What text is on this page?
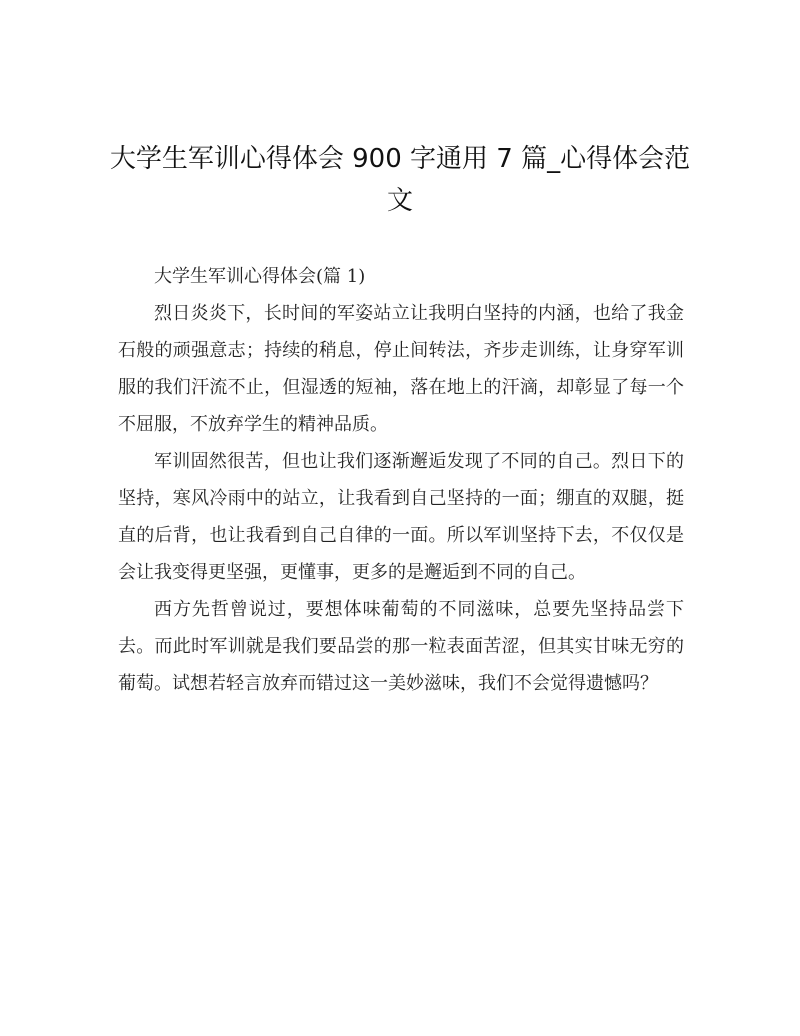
大学生军训心得体会 900 字通用 7 篇_心得体会范文

大学生军训心得体会(篇 1)

烈日炎炎下，长时间的军姿站立让我明白坚持的内涵，也给了我金石般的顽强意志；持续的稍息，停止间转法，齐步走训练，让身穿军训服的我们汗流不止，但湿透的短袖，落在地上的汗滴，却彰显了每一个不屈服，不放弃学生的精神品质。

军训固然很苦，但也让我们逐渐邂逅发现了不同的自己。烈日下的坚持，寒风冷雨中的站立，让我看到自己坚持的一面；绷直的双腿，挺直的后背，也让我看到自己自律的一面。所以军训坚持下去，不仅仅是会让我变得更坚强，更懂事，更多的是邂逅到不同的自己。

西方先哲曾说过，要想体味葡萄的不同滋味，总要先坚持品尝下去。而此时军训就是我们要品尝的那一粒表面苦涩，但其实甘味无穷的葡萄。试想若轻言放弃而错过这一美妙滋味，我们不会觉得遗憾吗？
